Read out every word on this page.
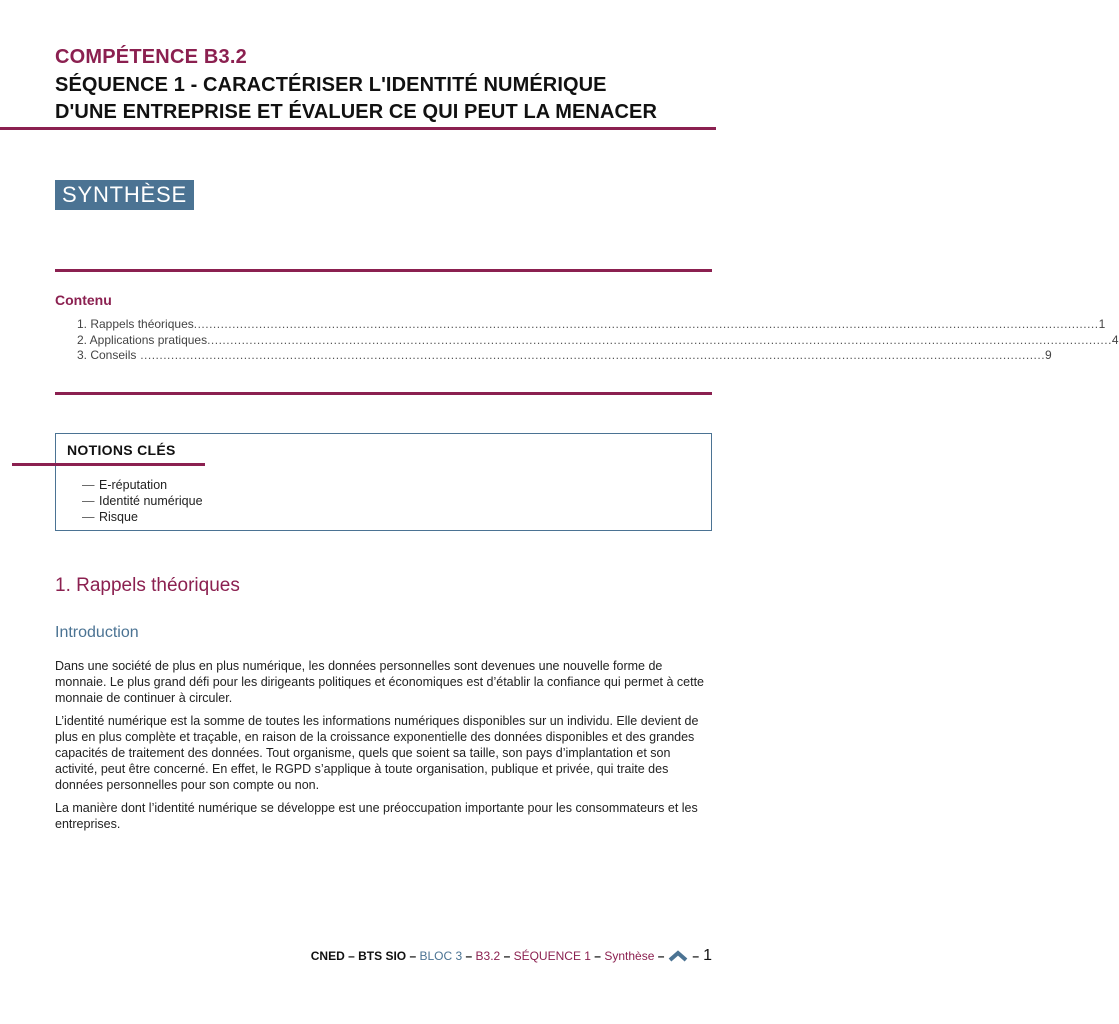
COMPÉTENCE B3.2
SÉQUENCE 1 - CARACTÉRISER L'IDENTITÉ NUMÉRIQUE
D'UNE ENTREPRISE ET ÉVALUER CE QUI PEUT LA MENACER
SYNTHÈSE
Contenu
1. Rappels théoriques ............................................................................................................................................................................................................................................ 1
2. Applications pratiques ............................................................................................................................................................................................................................................ 4
3. Conseils ............................................................................................................................................................................................................................................ 9
NOTIONS CLÉS
— E-réputation
— Identité numérique
— Risque
1. Rappels théoriques
Introduction
Dans une société de plus en plus numérique, les données personnelles sont devenues une nouvelle forme de monnaie. Le plus grand défi pour les dirigeants politiques et économiques est d’établir la confiance qui permet à cette monnaie de continuer à circuler.
L’identité numérique est la somme de toutes les informations numériques disponibles sur un individu. Elle devient de plus en plus complète et traçable, en raison de la croissance exponentielle des données disponibles et des grandes capacités de traitement des données. Tout organisme, quels que soient sa taille, son pays d’implantation et son activité, peut être concerné. En effet, le RGPD s’applique à toute organisation, publique et privée, qui traite des données personnelles pour son compte ou non.
La manière dont l’identité numérique se développe est une préoccupation importante pour les consommateurs et les entreprises.
CNED – BTS SIO –
BLOC 3
–
B3.2
–
SÉQUENCE 1
–
Synthèse
– – 1
